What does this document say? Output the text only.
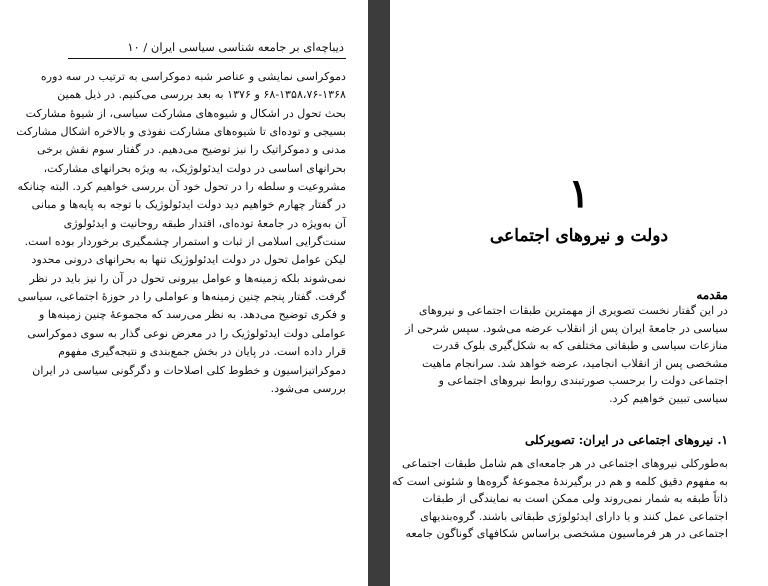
دیباچه‌ای بر جامعه شناسی سیاسی ایران / ۱۰
دموکراسی نمایشی و عناصر شبه دموکراسی به ترتیب در سه دوره
۶۸-۱۳۵۸،۷۶-۱۳۶۸ و ۱۳۷۶ به بعد بررسی می‌کنیم. در ذیل همین
بحث تحول در اشکال و شیوه‌های مشارکت سیاسی، از شیوهٔ مشارکت
بسیجی و توده‌ای تا شیوه‌های مشارکت نفوذی و بالاخره اشکال مشارکت
مدنی و دموکراتیک را نیز توضیح می‌دهیم. در گفتار سوم نقش برخی
بحرانهای اساسی در دولت ایدئولوژیک، به ویژه بحرانهای مشارکت،
مشروعیت و سلطه را در تحول خود آن بررسی خواهیم کرد. البته چنانکه
در گفتار چهارم خواهیم دید دولت ایدئولوژیک با توجه به پایه‌ها و مبانی
آن به‌ویژه در جامعهٔ توده‌ای، اقتدار طبقه روحانیت و ایدئولوژی
سنت‌گرایی اسلامی از ثبات و استمرار چشمگیری برخوردار بوده است.
لیکن عوامل تحول در دولت ایدئولوژیک تنها به بحرانهای درونی محدود
نمی‌شوند بلکه زمینه‌ها و عوامل بیرونی تحول در آن را نیز باید در نظر
گرفت. گفتار پنجم چنین زمینه‌ها و عواملی را در حوزهٔ اجتماعی، سیاسی
و فکری توضیح می‌دهد. به نظر می‌رسد که مجموعهٔ چنین زمینه‌ها و
عواملی دولت ایدئولوژیک را در معرض نوعی گذار به سوی دموکراسی
قرار داده است. در پایان در بخش جمع‌بندی و نتیجه‌گیری مفهوم
دموکراتیزاسیون و خطوط کلی اصلاحات و دگرگونی سیاسی در ایران
بررسی می‌شود.
۱
دولت و نیروهای اجتماعی
مقدمه
در این گفتار نخست تصویری از مهمترین طبقات اجتماعی و نیروهای
سیاسی در جامعهٔ ایران پس از انقلاب عرضه می‌شود. سپس شرحی از
منازعات سیاسی و طبقاتی مختلفی که به شکل‌گیری بلوک قدرت
مشخصی پس از انقلاب انجامید، عرضه خواهد شد. سرانجام ماهیت
اجتماعی دولت را برحسب صورتبندی روابط نیروهای اجتماعی و
سیاسی تبیین خواهیم کرد.
۱. نیروهای اجتماعی در ایران: تصویرکلی
به‌طورکلی نیروهای اجتماعی در هر جامعه‌ای هم شامل طبقات اجتماعی
به مفهوم دقیق کلمه و هم در برگیرندهٔ مجموعهٔ گروه‌ها و شئونی است که
ذاتاً طبقه به شمار نمی‌روند ولی ممکن است به نمایندگی از طبقات
اجتماعی عمل کنند و یا دارای ایدئولوژی طبقاتی باشند. گروه‌بندیهای
اجتماعی در هر فرماسیون مشخصی براساس شکافهای گوناگون جامعه
